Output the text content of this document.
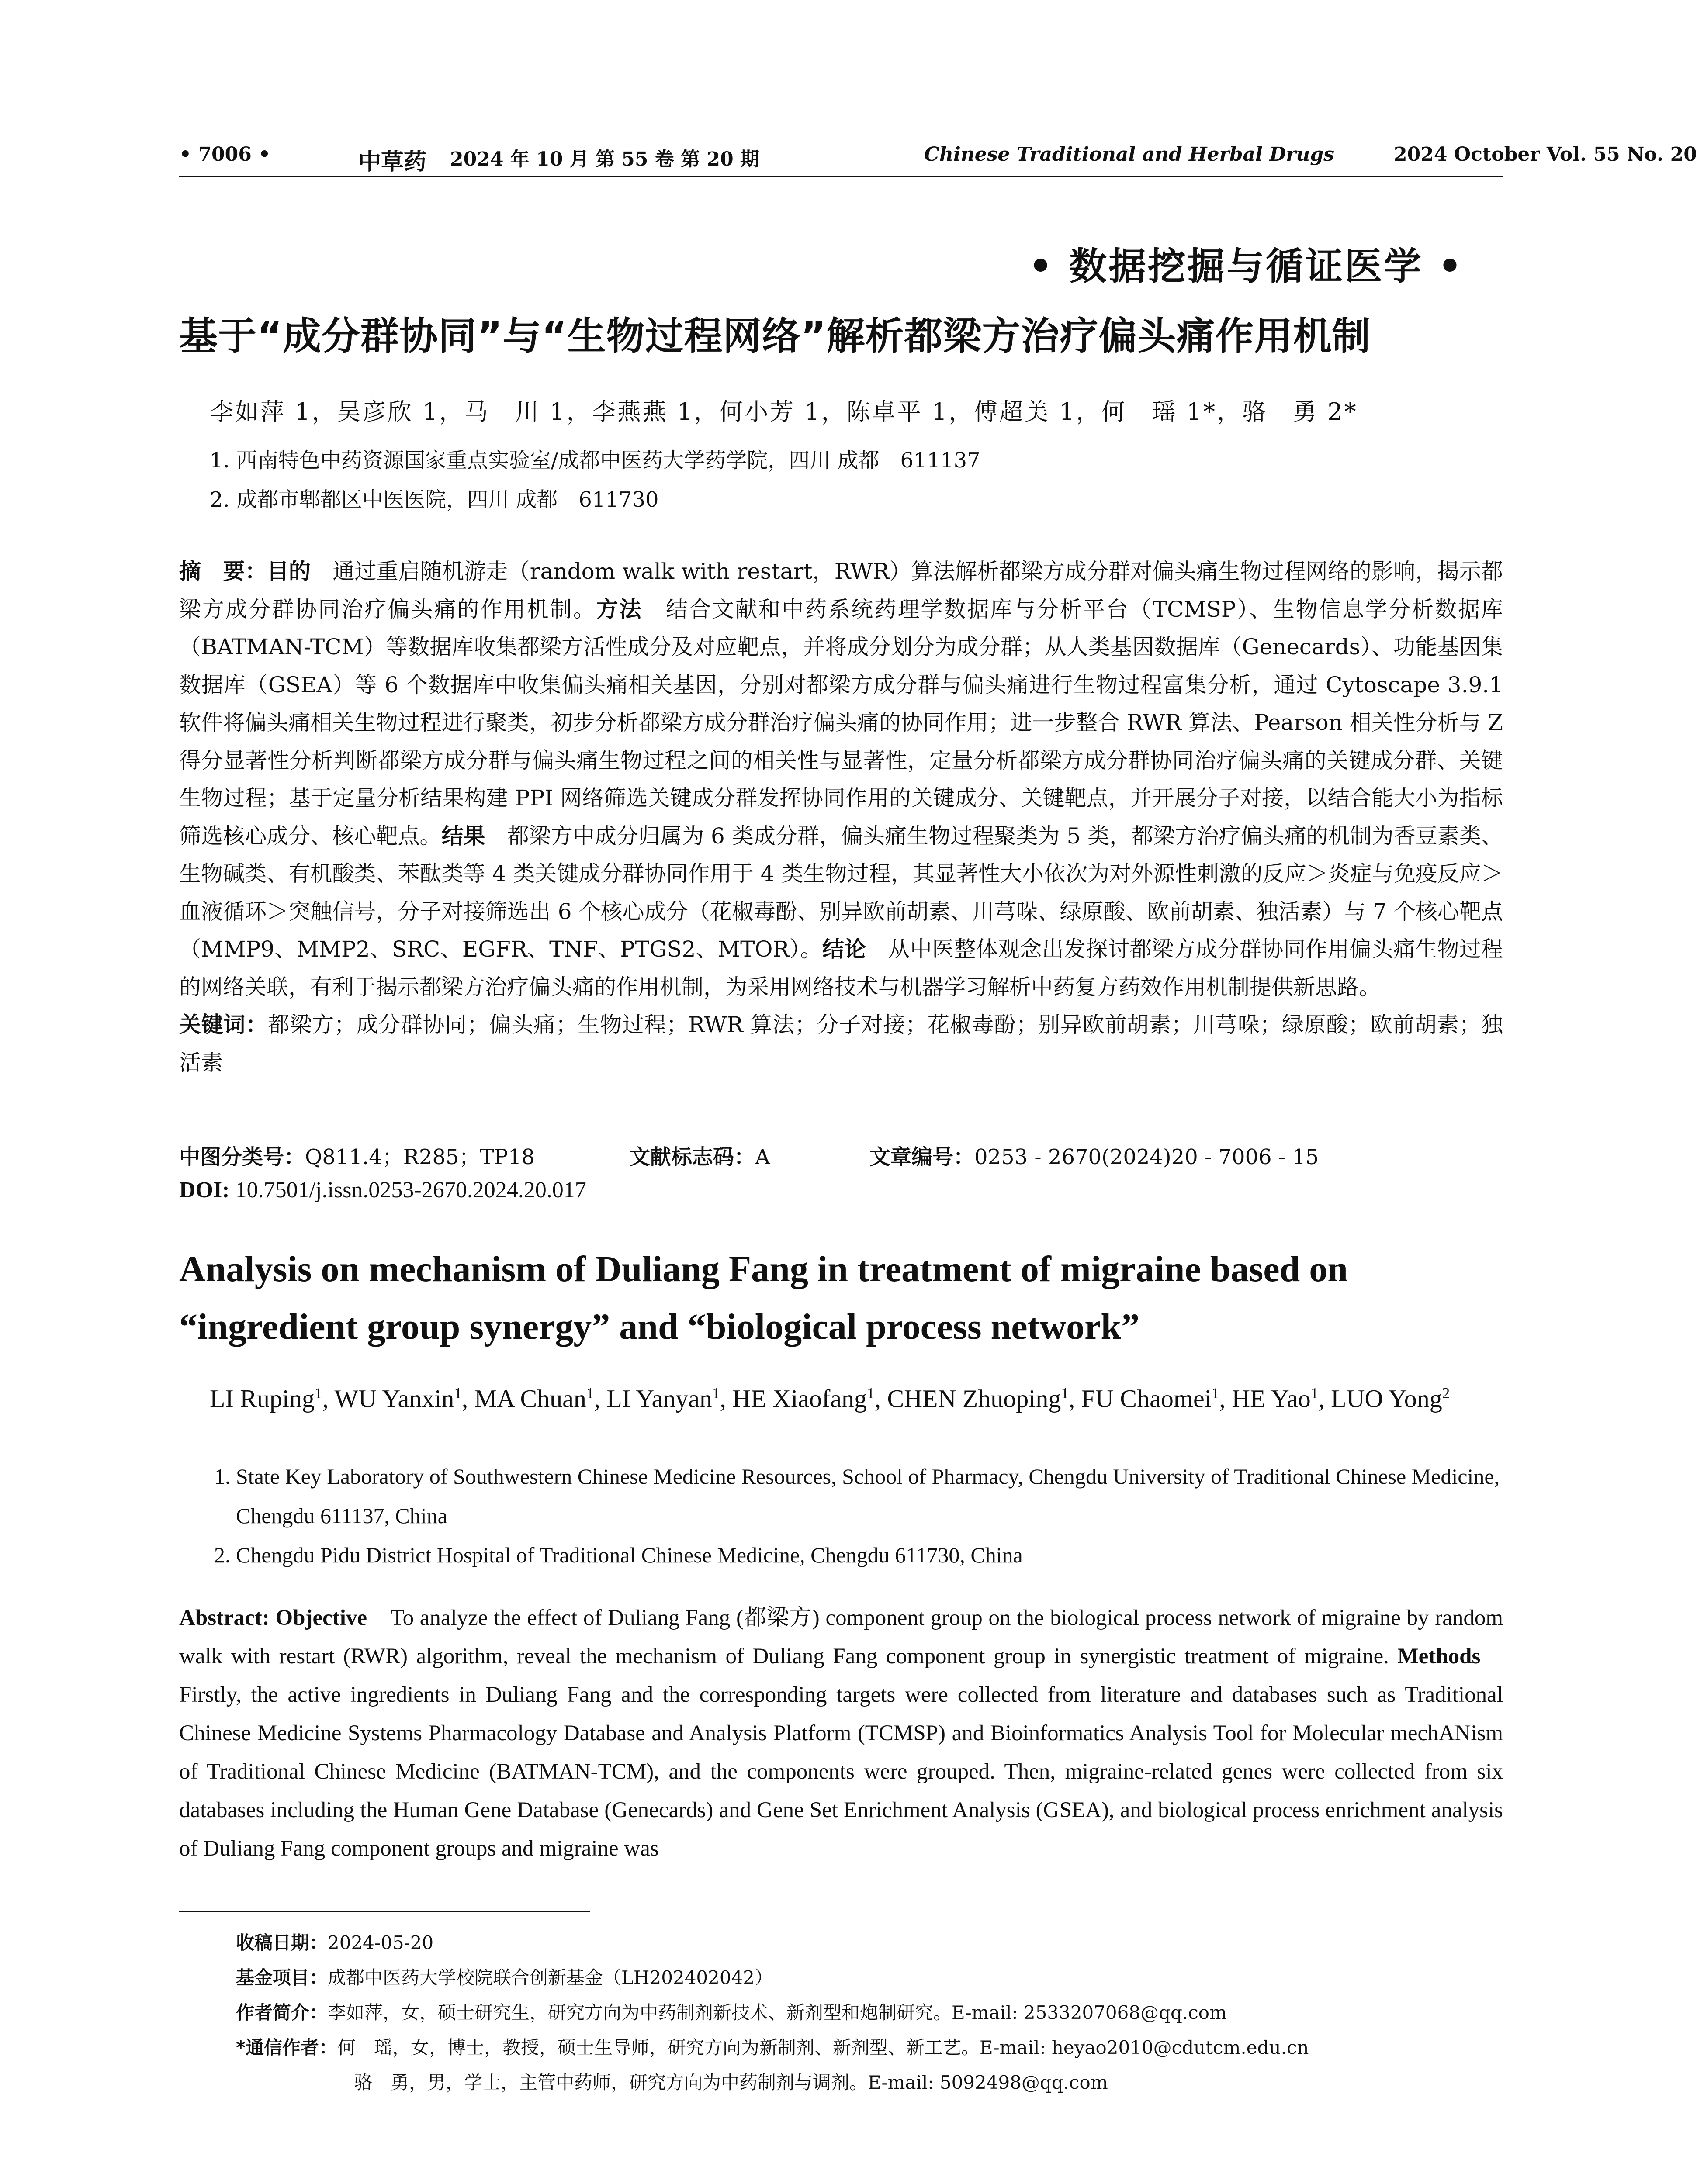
• 7006 •	中草药 2024 年 10 月 第 55 卷 第 20 期	Chinese Traditional and Herbal Drugs	2024 October Vol. 55 No. 20
• 数据挖掘与循证医学 •
基于“成分群协同”与“生物过程网络”解析都梁方治疗偏头痛作用机制
李如萍 1，吴彦欣 1，马　川 1，李燕燕 1，何小芳 1，陈卓平 1，傅超美 1，何　瑶 1*，骆　勇 2*
1. 西南特色中药资源国家重点实验室/成都中医药大学药学院，四川 成都　611137
2. 成都市郫都区中医医院，四川 成都　611730
摘　要：目的　 通过重启随机游走（random walk with restart，RWR）算法解析都梁方成分群对偏头痛生物过程网络的影响，揭示都梁方成分群协同治疗偏头痛的作用机制。方法　 结合文献和中药系统药理学数据库与分析平台（TCMSP）、生物信息学分析数据库（BATMAN-TCM）等数据库收集都梁方活性成分及对应靶点，并将成分划分为成分群；从人类基因数据库（Genecards）、功能基因集数据库（GSEA）等 6 个数据库中收集偏头痛相关基因，分别对都梁方成分群与偏头痛进行生物过程富集分析，通过 Cytoscape 3.9.1 软件将偏头痛相关生物过程进行聚类，初步分析都梁方成分群治疗偏头痛的协同作用；进一步整合 RWR 算法、Pearson 相关性分析与 Z 得分显著性分析判断都梁方成分群与偏头痛生物过程之间的相关性与显著性，定量分析都梁方成分群协同治疗偏头痛的关键成分群、关键生物过程；基于定量分析结果构建 PPI 网络筛选关键成分群发挥协同作用的关键成分、关键靶点，并开展分子对接，以结合能大小为指标筛选核心成分、核心靶点。结果　 都梁方中成分归属为 6 类成分群，偏头痛生物过程聚类为 5 类，都梁方治疗偏头痛的机制为香豆素类、生物碱类、有机酸类、苯酞类等 4 类关键成分群协同作用于 4 类生物过程，其显著性大小依次为对外源性刺激的反应＞炎症与免疫反应＞血液循环＞突触信号，分子对接筛选出 6 个核心成分（花椒毒酚、别异欧前胡素、川芎哚、绿原酸、欧前胡素、独活素）与 7 个核心靶点（MMP9、MMP2、SRC、EGFR、TNF、PTGS2、MTOR）。结论　 从中医整体观念出发探讨都梁方成分群协同作用偏头痛生物过程的网络关联，有利于揭示都梁方治疗偏头痛的作用机制，为采用网络技术与机器学习解析中药复方药效作用机制提供新思路。
关键词：都梁方；成分群协同；偏头痛；生物过程；RWR 算法；分子对接；花椒毒酚；别异欧前胡素；川芎哚；绿原酸；欧前胡素；独活素
中图分类号：Q811.4；R285；TP18	文献标志码：A	文章编号：0253 - 2670(2024)20 - 7006 - 15
DOI: 10.7501/j.issn.0253-2670.2024.20.017
Analysis on mechanism of Duliang Fang in treatment of migraine based on
“ingredient group synergy” and “biological process network”
LI Ruping$^1$, WU Yanxin$^1$, MA Chuan$^1$, LI Yanyan$^1$, HE Xiaofang$^1$, CHEN Zhuoping$^1$, FU Chaomei$^1$, HE Yao$^1$, LUO Yong$^2$
1. State Key Laboratory of Southwestern Chinese Medicine Resources, School of Pharmacy, Chengdu University of Traditional Chinese Medicine, Chengdu 611137, China
2. Chengdu Pidu District Hospital of Traditional Chinese Medicine, Chengdu 611730, China
Abstract: Objective To analyze the effect of Duliang Fang (都梁方) component group on the biological process network of migraine by random walk with restart (RWR) algorithm, reveal the mechanism of Duliang Fang component group in synergistic treatment of migraine. Methods    Firstly, the active ingredients in Duliang Fang and the corresponding targets were collected from literature and databases such as Traditional Chinese Medicine Systems Pharmacology Database and Analysis Platform (TCMSP) and Bioinformatics Analysis Tool for Molecular mechANism of Traditional Chinese Medicine (BATMAN-TCM), and the components were grouped. Then, migraine-related genes were collected from six databases including the Human Gene Database (Genecards) and Gene Set Enrichment Analysis (GSEA), and biological process enrichment analysis of Duliang Fang component groups and migraine was
收稿日期：2024-05-20
基金项目：成都中医药大学校院联合创新基金（LH202402042）
作者简介：李如萍，女，硕士研究生，研究方向为中药制剂新技术、新剂型和炮制研究。E-mail: 2533207068@qq.com
*通信作者：何　瑶，女，博士，教授，硕士生导师，研究方向为新制剂、新剂型、新工艺。E-mail: heyao2010@cdutcm.edu.cn
骆　勇，男，学士，主管中药师，研究方向为中药制剂与调剂。E-mail: 5092498@qq.com
